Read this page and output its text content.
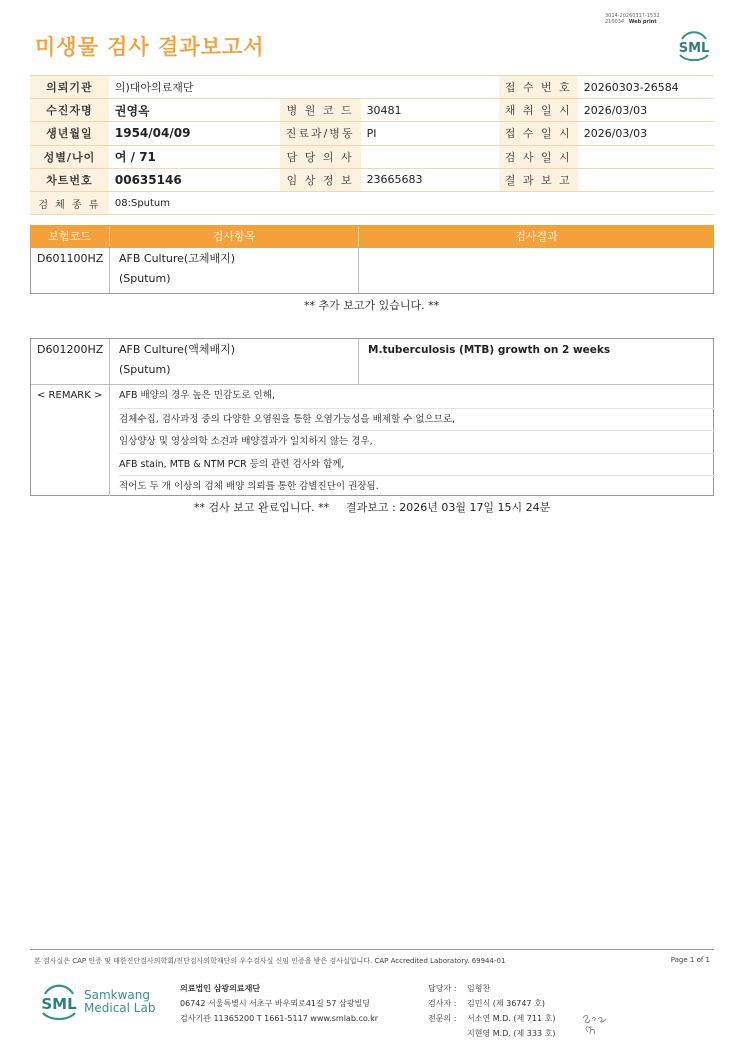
3014-20260317-1532
210034 Web print
미생물 검사 결과보고서	SML
의뢰기관	의)대아의료재단			접 수 번 호	20260303-26584
수진자명	권영옥	병 원 코 드	30481	채 취 일 시	2026/03/03
생년월일	1954/04/09	진료과/병동	PI	접 수 일 시	2026/03/03
성별/나이	여 / 71	담 당 의 사		검 사 일 시	
차트번호	00635146	임 상 정 보	23665683	결 과 보 고	
검 체 종 류	08:Sputum				
보험코드	검사항목	검사결과
D601100HZ AFB Culture(고체배지)
(Sputum)
** 추가 보고가 있습니다. **
D601200HZ AFB Culture(액체배지)
(Sputum)
M.tuberculosis (MTB) growth on 2 weeks
< REMARK > AFB 배양의 경우 높은 민감도로 인해,
검체수집, 검사과정 중의 다양한 오염원을 통한 오염가능성을 배제할 수 없으므로,
임상양상 및 영상의학 소견과 배양결과가 일치하지 않는 경우,
AFB stain, MTB & NTM PCR 등의 관련 검사와 함께,
적어도 두 개 이상의 검체 배양 의뢰를 통한 감별진단이 권장됨.
** 검사 보고 완료입니다. ** 결과보고 : 2026년 03월 17일 15시 24분
본 검사실은 CAP 인증 및 대한진단검사의학회/진단검사의학재단의 우수검사실 신임 인증을 받은 검사실입니다. CAP Accredited Laboratory. 69944-01	Page 1 of 1
SML Samkwang
Medical Lab
의료법인 삼광의료재단
06742 서울특별시 서초구 바우뫼로41길 57 삼광빌딩
검사기관 11365200 T 1661-5117 www.smlab.co.kr
담당자 :	임형찬
검사자 :	김민식 (제 36747 호)
전문의 :	서소연 M.D. (제 711 호)
지현영 M.D. (제 333 호)
